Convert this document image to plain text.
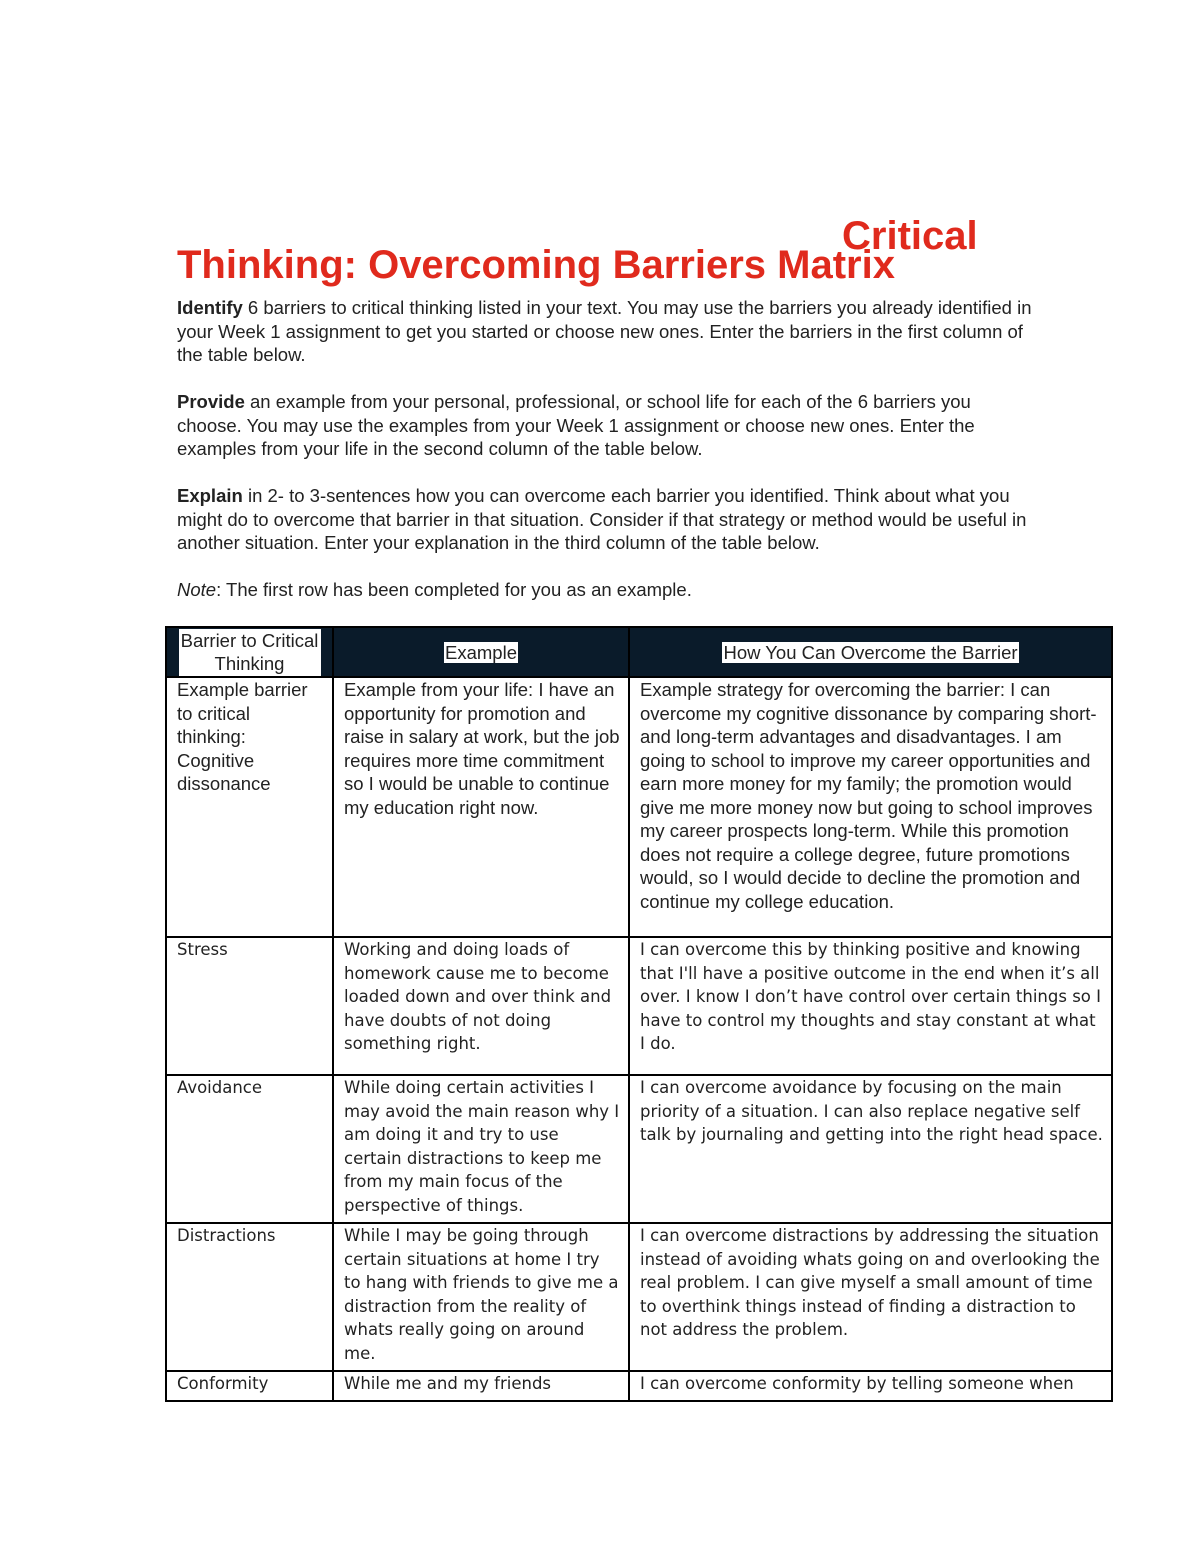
Critical
Thinking: Overcoming Barriers Matrix

Identify 6 barriers to critical thinking listed in your text. You may use the barriers you already identified in your Week 1 assignment to get you started or choose new ones. Enter the barriers in the first column of the table below.

Provide an example from your personal, professional, or school life for each of the 6 barriers you choose. You may use the examples from your Week 1 assignment or choose new ones. Enter the examples from your life in the second column of the table below.

Explain in 2- to 3-sentences how you can overcome each barrier you identified. Think about what you might do to overcome that barrier in that situation. Consider if that strategy or method would be useful in another situation. Enter your explanation in the third column of the table below.

Note: The first row has been completed for you as an example.

Barrier to Critical Thinking	Example	How You Can Overcome the Barrier
Example barrier to critical thinking: Cognitive dissonance	Example from your life: I have an opportunity for promotion and raise in salary at work, but the job requires more time commitment so I would be unable to continue my education right now.	Example strategy for overcoming the barrier: I can overcome my cognitive dissonance by comparing short- and long-term advantages and disadvantages. I am going to school to improve my career opportunities and earn more money for my family; the promotion would give me more money now but going to school improves my career prospects long-term. While this promotion does not require a college degree, future promotions would, so I would decide to decline the promotion and continue my college education.
Stress	Working and doing loads of homework cause me to become loaded down and over think and have doubts of not doing something right.	I can overcome this by thinking positive and knowing that I'll have a positive outcome in the end when it’s all over. I know I don’t have control over certain things so I have to control my thoughts and stay constant at what I do.
Avoidance	While doing certain activities I may avoid the main reason why I am doing it and try to use certain distractions to keep me from my main focus of the perspective of things.	I can overcome avoidance by focusing on the main priority of a situation. I can also replace negative self talk by journaling and getting into the right head space.
Distractions	While I may be going through certain situations at home I try to hang with friends to give me a distraction from the reality of whats really going on around me.	I can overcome distractions by addressing the situation instead of avoiding whats going on and overlooking the real problem. I can give myself a small amount of time to overthink things instead of finding a distraction to not address the problem.
Conformity	While me and my friends	I can overcome conformity by telling someone when
